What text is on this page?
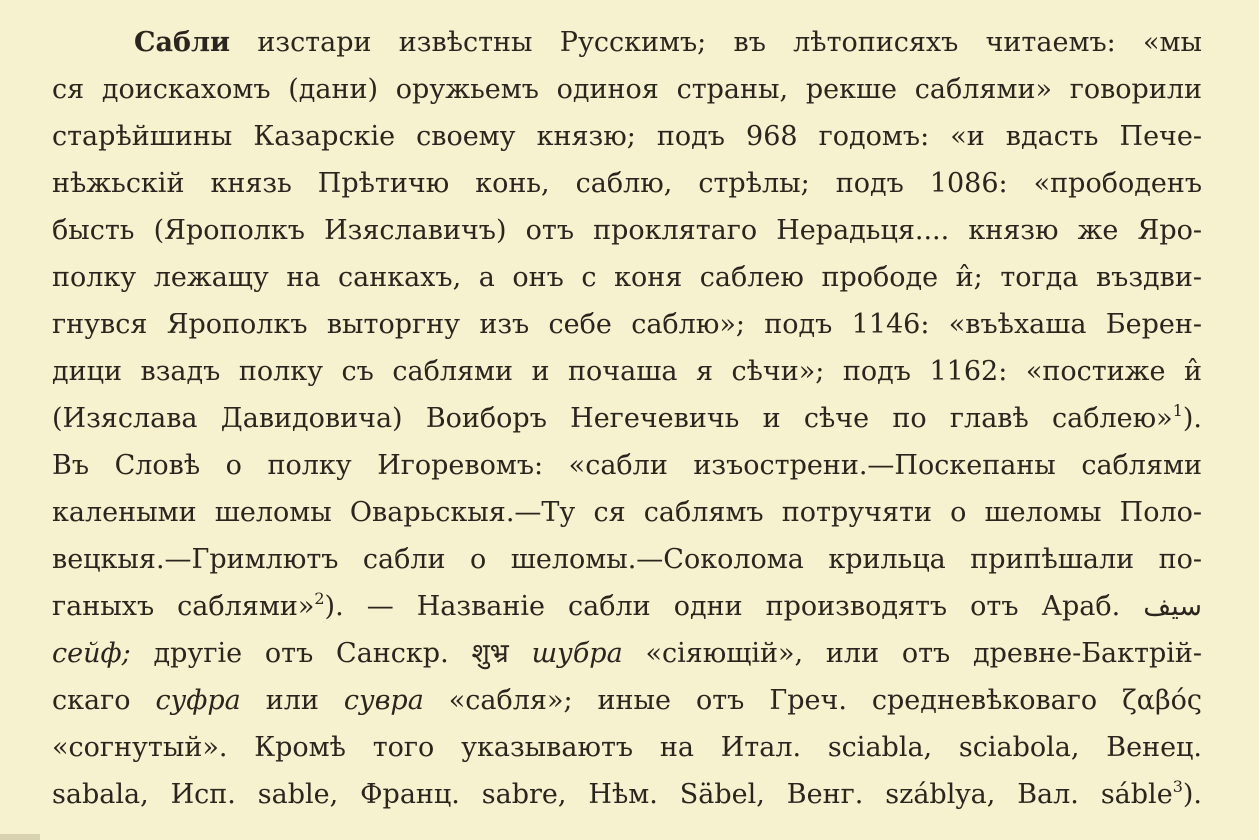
Сабли изстари извѣстны Русскимъ; въ лѣтописяхъ читаемъ: «мы
ся доискахомъ (дани) оружьемъ одиноя страны, рекше саблями» говорили
старѣйшины Казарскіе своему князю; подъ 968 годомъ: «и вдасть Пече-
нѣжьскій князь Прѣтичю конь, саблю, стрѣлы; подъ 1086: «прободенъ
бысть (Ярополкъ Изяславичъ) отъ проклятаго Нерадьця.... князю же Яро-
полку лежащу на санкахъ, а онъ с коня саблею прободе и̂; тогда въздви-
гнувся Ярополкъ выторгну изъ себе саблю»; подъ 1146: «въѣхаша Берен-
дици взадъ полку съ саблями и почаша я сѣчи»; подъ 1162: «постиже и̂
(Изяслава Давидовича) Воиборъ Негечевичь и сѣче по главѣ саблею»$^1$).
Въ Словѣ о полку Игоревомъ: «сабли изъострени.—Поскепаны саблями
калеными шеломы Оварьскыя.—Ту ся саблямъ потручяти о шеломы Поло-
вецкыя.—Гримлютъ сабли о шеломы.—Соколома крильца припѣшали по-
ганыхъ саблями»$^2$). — Названіе сабли одни производятъ отъ Араб. سيف
сейф; другіе отъ Санскр. शुभ्र шубра «сіяющій», или отъ древне-Бактрій-
скаго суфра или сувра «сабля»; иные отъ Греч. средневѣковаго ζαβός
«согнутый». Кромѣ того указываютъ на Итал. sciabla, sciabola, Венец.
sabala, Исп. sable, Франц. sabre, Нѣм. Säbel, Венг. száblya, Вал. sáble$^3$).
